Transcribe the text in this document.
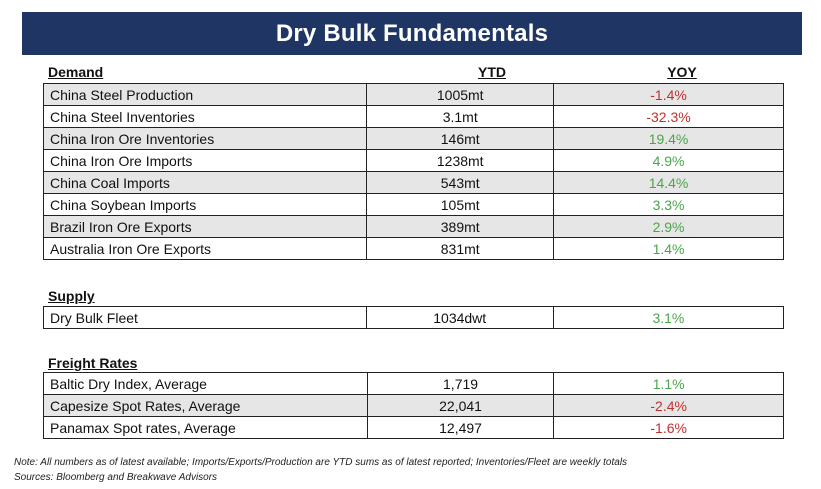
Dry Bulk Fundamentals
Demand	YTD	YOY
China Steel Production	1005mt	-1.4%
China Steel Inventories	3.1mt	-32.3%
China Iron Ore Inventories	146mt	19.4%
China Iron Ore Imports	1238mt	4.9%
China Coal Imports	543mt	14.4%
China Soybean Imports	105mt	3.3%
Brazil Iron Ore Exports	389mt	2.9%
Australia Iron Ore Exports	831mt	1.4%
Supply
Dry Bulk Fleet	1034dwt	3.1%
Freight Rates
Baltic Dry Index, Average	1,719	1.1%
Capesize Spot Rates, Average	22,041	-2.4%
Panamax Spot rates, Average	12,497	-1.6%
Note: All numbers as of latest available; Imports/Exports/Production are YTD sums as of latest reported; Inventories/Fleet are weekly totals
Sources: Bloomberg and Breakwave Advisors
